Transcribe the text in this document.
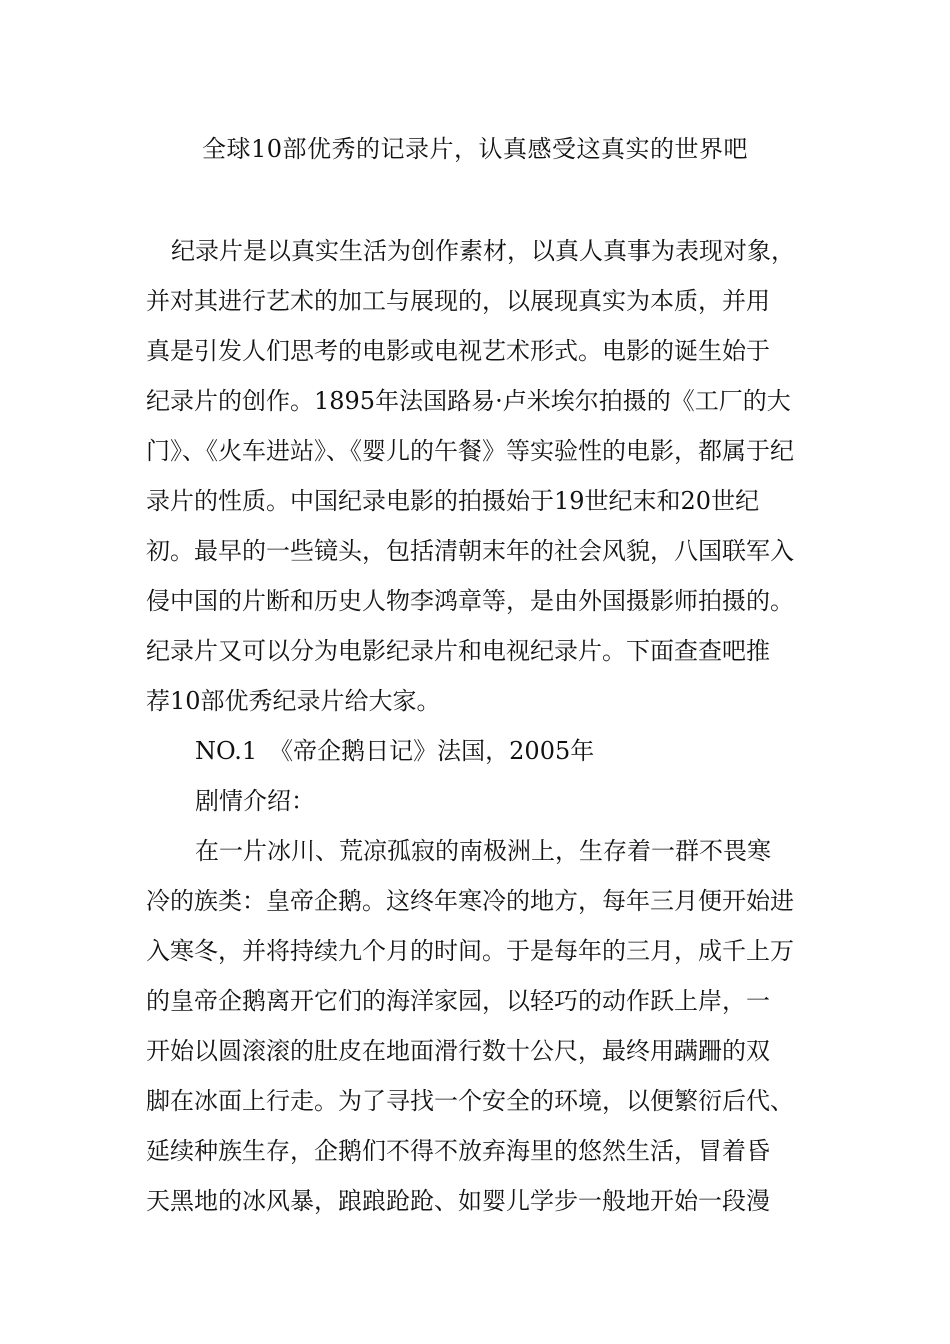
全球10部优秀的记录片，认真感受这真实的世界吧
纪录片是以真实生活为创作素材，以真人真事为表现对象，
并对其进行艺术的加工与展现的，以展现真实为本质，并用
真是引发人们思考的电影或电视艺术形式。电影的诞生始于
纪录片的创作。1895年法国路易·卢米埃尔拍摄的《工厂的大
门》、《火车进站》、《婴儿的午餐》等实验性的电影，都属于纪
录片的性质。中国纪录电影的拍摄始于19世纪末和20世纪
初。最早的一些镜头，包括清朝末年的社会风貌，八国联军入
侵中国的片断和历史人物李鸿章等，是由外国摄影师拍摄的。
纪录片又可以分为电影纪录片和电视纪录片。下面查查吧推
荐10部优秀纪录片给大家。
NO.1　《帝企鹅日记》法国，2005年
剧情介绍：
在一片冰川、荒凉孤寂的南极洲上，生存着一群不畏寒
冷的族类：皇帝企鹅。这终年寒冷的地方，每年三月便开始进
入寒冬，并将持续九个月的时间。于是每年的三月，成千上万
的皇帝企鹅离开它们的海洋家园，以轻巧的动作跃上岸，一
开始以圆滚滚的肚皮在地面滑行数十公尺，最终用蹒跚的双
脚在冰面上行走。为了寻找一个安全的环境，以便繁衍后代、
延续种族生存，企鹅们不得不放弃海里的悠然生活，冒着昏
天黑地的冰风暴，踉踉跄跄、如婴儿学步一般地开始一段漫
